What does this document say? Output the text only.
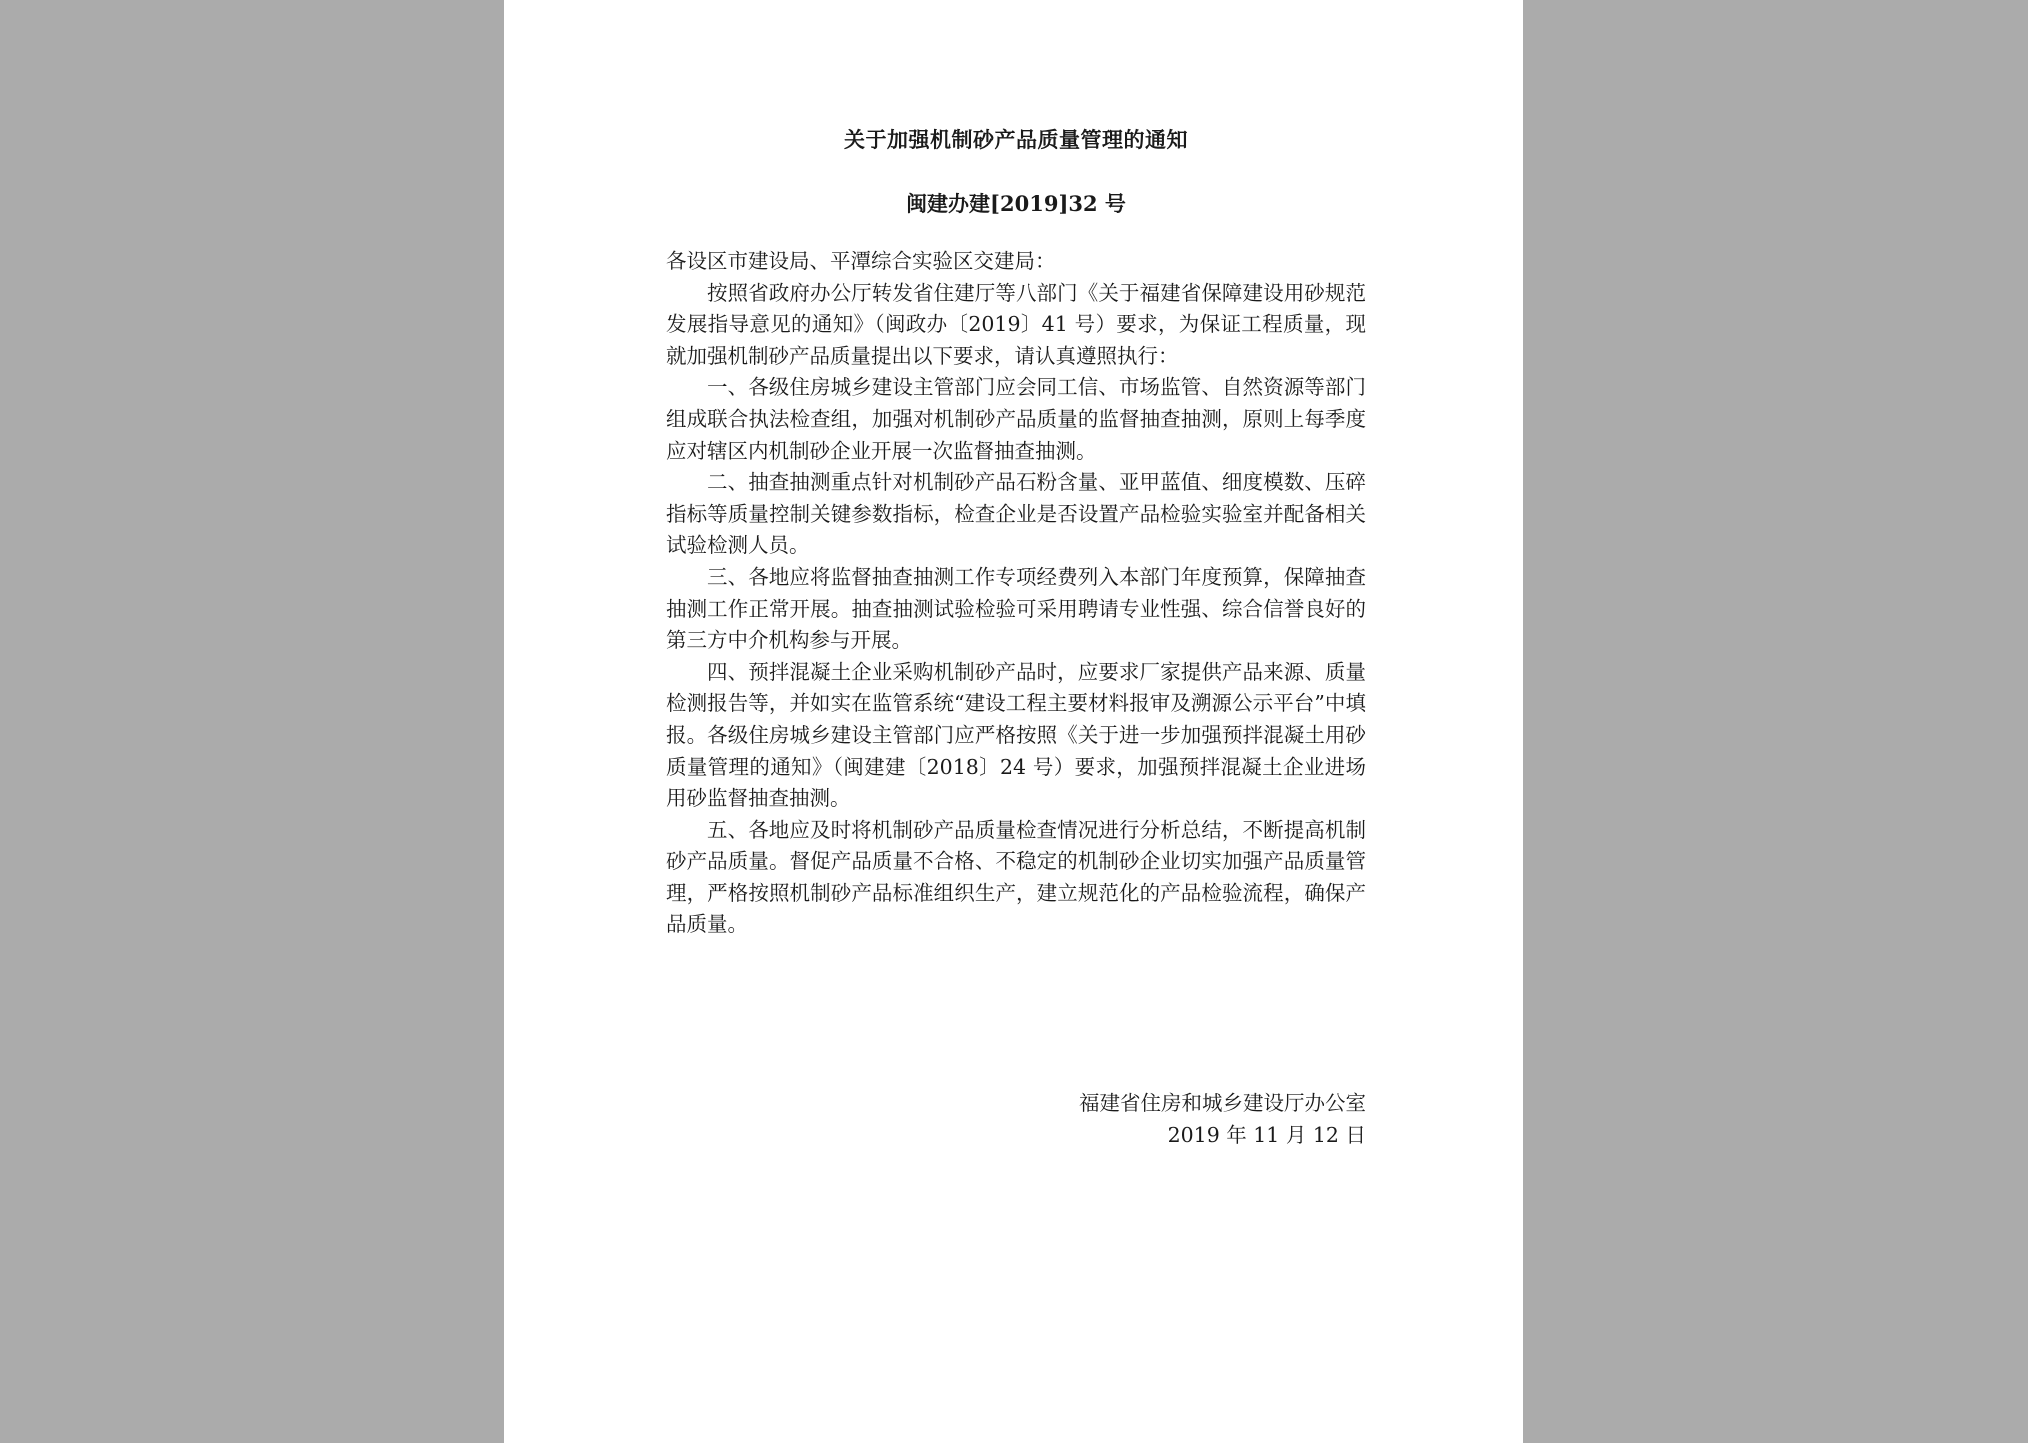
关于加强机制砂产品质量管理的通知
闽建办建[2019]32 号

各设区市建设局、平潭综合实验区交建局：

按照省政府办公厅转发省住建厅等八部门《关于福建省保障建设用砂规范发展指导意见的通知》（闽政办〔2019〕41 号）要求，为保证工程质量，现就加强机制砂产品质量提出以下要求，请认真遵照执行：

一、各级住房城乡建设主管部门应会同工信、市场监管、自然资源等部门组成联合执法检查组，加强对机制砂产品质量的监督抽查抽测，原则上每季度应对辖区内机制砂企业开展一次监督抽查抽测。

二、抽查抽测重点针对机制砂产品石粉含量、亚甲蓝值、细度模数、压碎指标等质量控制关键参数指标，检查企业是否设置产品检验实验室并配备相关试验检测人员。

三、各地应将监督抽查抽测工作专项经费列入本部门年度预算，保障抽查抽测工作正常开展。抽查抽测试验检验可采用聘请专业性强、综合信誉良好的第三方中介机构参与开展。

四、预拌混凝土企业采购机制砂产品时，应要求厂家提供产品来源、质量检测报告等，并如实在监管系统“建设工程主要材料报审及溯源公示平台”中填报。各级住房城乡建设主管部门应严格按照《关于进一步加强预拌混凝土用砂质量管理的通知》（闽建建〔2018〕24 号）要求，加强预拌混凝土企业进场用砂监督抽查抽测。

五、各地应及时将机制砂产品质量检查情况进行分析总结，不断提高机制砂产品质量。督促产品质量不合格、不稳定的机制砂企业切实加强产品质量管理，严格按照机制砂产品标准组织生产，建立规范化的产品检验流程，确保产品质量。

福建省住房和城乡建设厅办公室
2019 年 11 月 12 日
